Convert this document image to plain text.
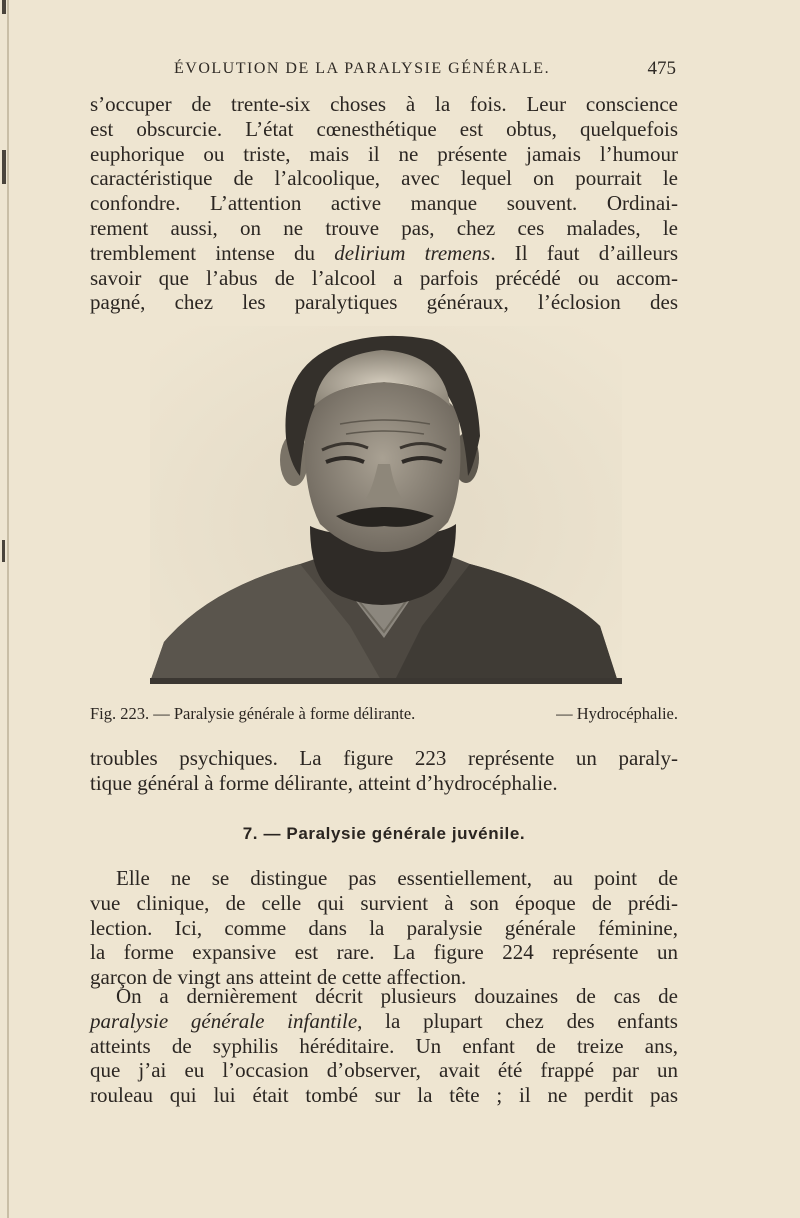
ÉVOLUTION DE LA PARALYSIE GÉNÉRALE.	475
s’occuper de trente-six choses à la fois. Leur conscience
est obscurcie. L’état cœnesthétique est obtus, quelquefois
euphorique ou triste, mais il ne présente jamais l’humour
caractéristique de l’alcoolique, avec lequel on pourrait le
confondre. L’attention active manque souvent. Ordinai-
rement aussi, on ne trouve pas, chez ces malades, le
tremblement intense du delirium tremens. Il faut d’ailleurs
savoir que l’abus de l’alcool a parfois précédé ou accom-
pagné, chez les paralytiques généraux, l’éclosion des
Fig. 223. — Paralysie générale à forme délirante.	— Hydrocéphalie.
troubles psychiques. La figure 223 représente un paraly-
tique général à forme délirante, atteint d’hydrocéphalie.
7. — Paralysie générale juvénile.
Elle ne se distingue pas essentiellement, au point de
vue clinique, de celle qui survient à son époque de prédi-
lection. Ici, comme dans la paralysie générale féminine,
la forme expansive est rare. La figure 224 représente un
garçon de vingt ans atteint de cette affection.
On a dernièrement décrit plusieurs douzaines de cas de
paralysie générale infantile, la plupart chez des enfants
atteints de syphilis héréditaire. Un enfant de treize ans,
que j’ai eu l’occasion d’observer, avait été frappé par un
rouleau qui lui était tombé sur la tête ; il ne perdit pas
